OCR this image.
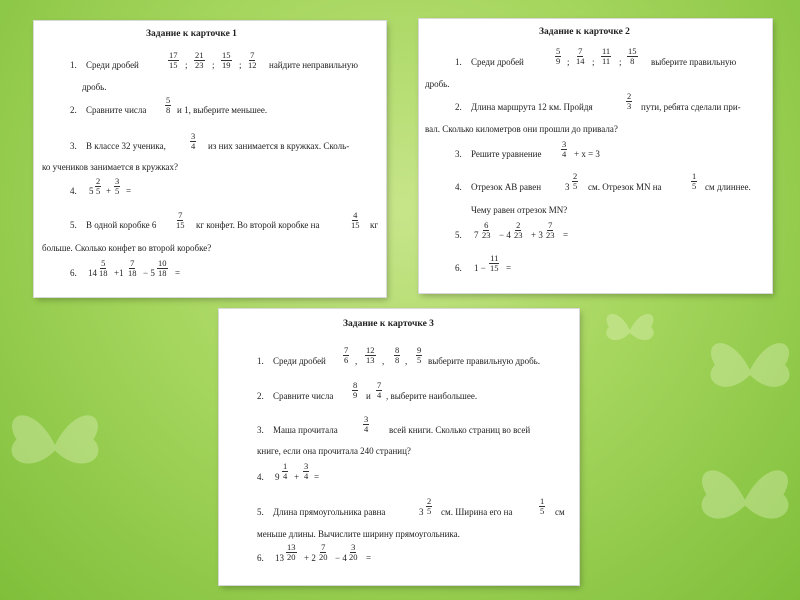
Задание к карточке 1
1. Среди дробей	$\frac{17}{15}$ ; $\frac{21}{23}$ ; $\frac{15}{19}$ ; $\frac{7}{12}$ найдите неправильную
дробь.
2. Сравните числа $\frac{5}{8}$ и 1, выберите меньшее.
3. В классе 32 ученика,	$\frac{3}{4}$ из них занимается в кружках. Сколь-
ко учеников занимается в кружках?
4. $5 \frac{2}{5} + \frac{3}{5}$ =
5. В одной коробке $6 \frac{7}{15}$ кг конфет. Во второй коробке на	$\frac{4}{15}$ кг
больше. Сколько конфет во второй коробке?
6. $14 \frac{5}{18} +1 \frac{7}{18} - 5 \frac{10}{18}$ =
Задание к карточке 2
1. Среди дробей	$\frac{5}{9}$ ; $\frac{7}{14}$ ; $\frac{11}{11}$ ; $\frac{15}{8}$ выберите правильную
дробь.
2. Длина маршрута 12 км. Пройдя	$\frac{2}{3}$ пути, ребята сделали при-
вал. Сколько километров они прошли до привала?
3. Решите уравнение $\frac{3}{4} + x = 3$
4. Отрезок AB равен	$3 \frac{2}{5}$ см. Отрезок MN на	$\frac{1}{5}$ см длиннее.
Чему равен отрезок MN?
5. $7 \frac{6}{23} - 4 \frac{2}{23} + 3 \frac{7}{23}$ =
6. $1 - \frac{11}{15}$ =
Задание к карточке 3
1. Среди дробей $\frac{7}{6}$ , $\frac{12}{13}$ , $\frac{8}{8}$ , $\frac{9}{5}$ выберите правильную дробь.
2. Сравните числа $\frac{8}{9}$ и $\frac{7}{4}$ , выберите наибольшее.
3. Маша прочитала	$\frac{3}{4}$ всей книги. Сколько страниц во всей
книге, если она прочитала 240 страниц?
4. $9 \frac{1}{4} + \frac{3}{4}$ =
5. Длина прямоугольника равна	$3 \frac{2}{5}$ см. Ширина его на	$\frac{1}{5}$ см
меньше длины. Вычислите ширину прямоугольника.
6. $13 \frac{13}{20} + 2 \frac{7}{20} - 4 \frac{3}{20}$ =
